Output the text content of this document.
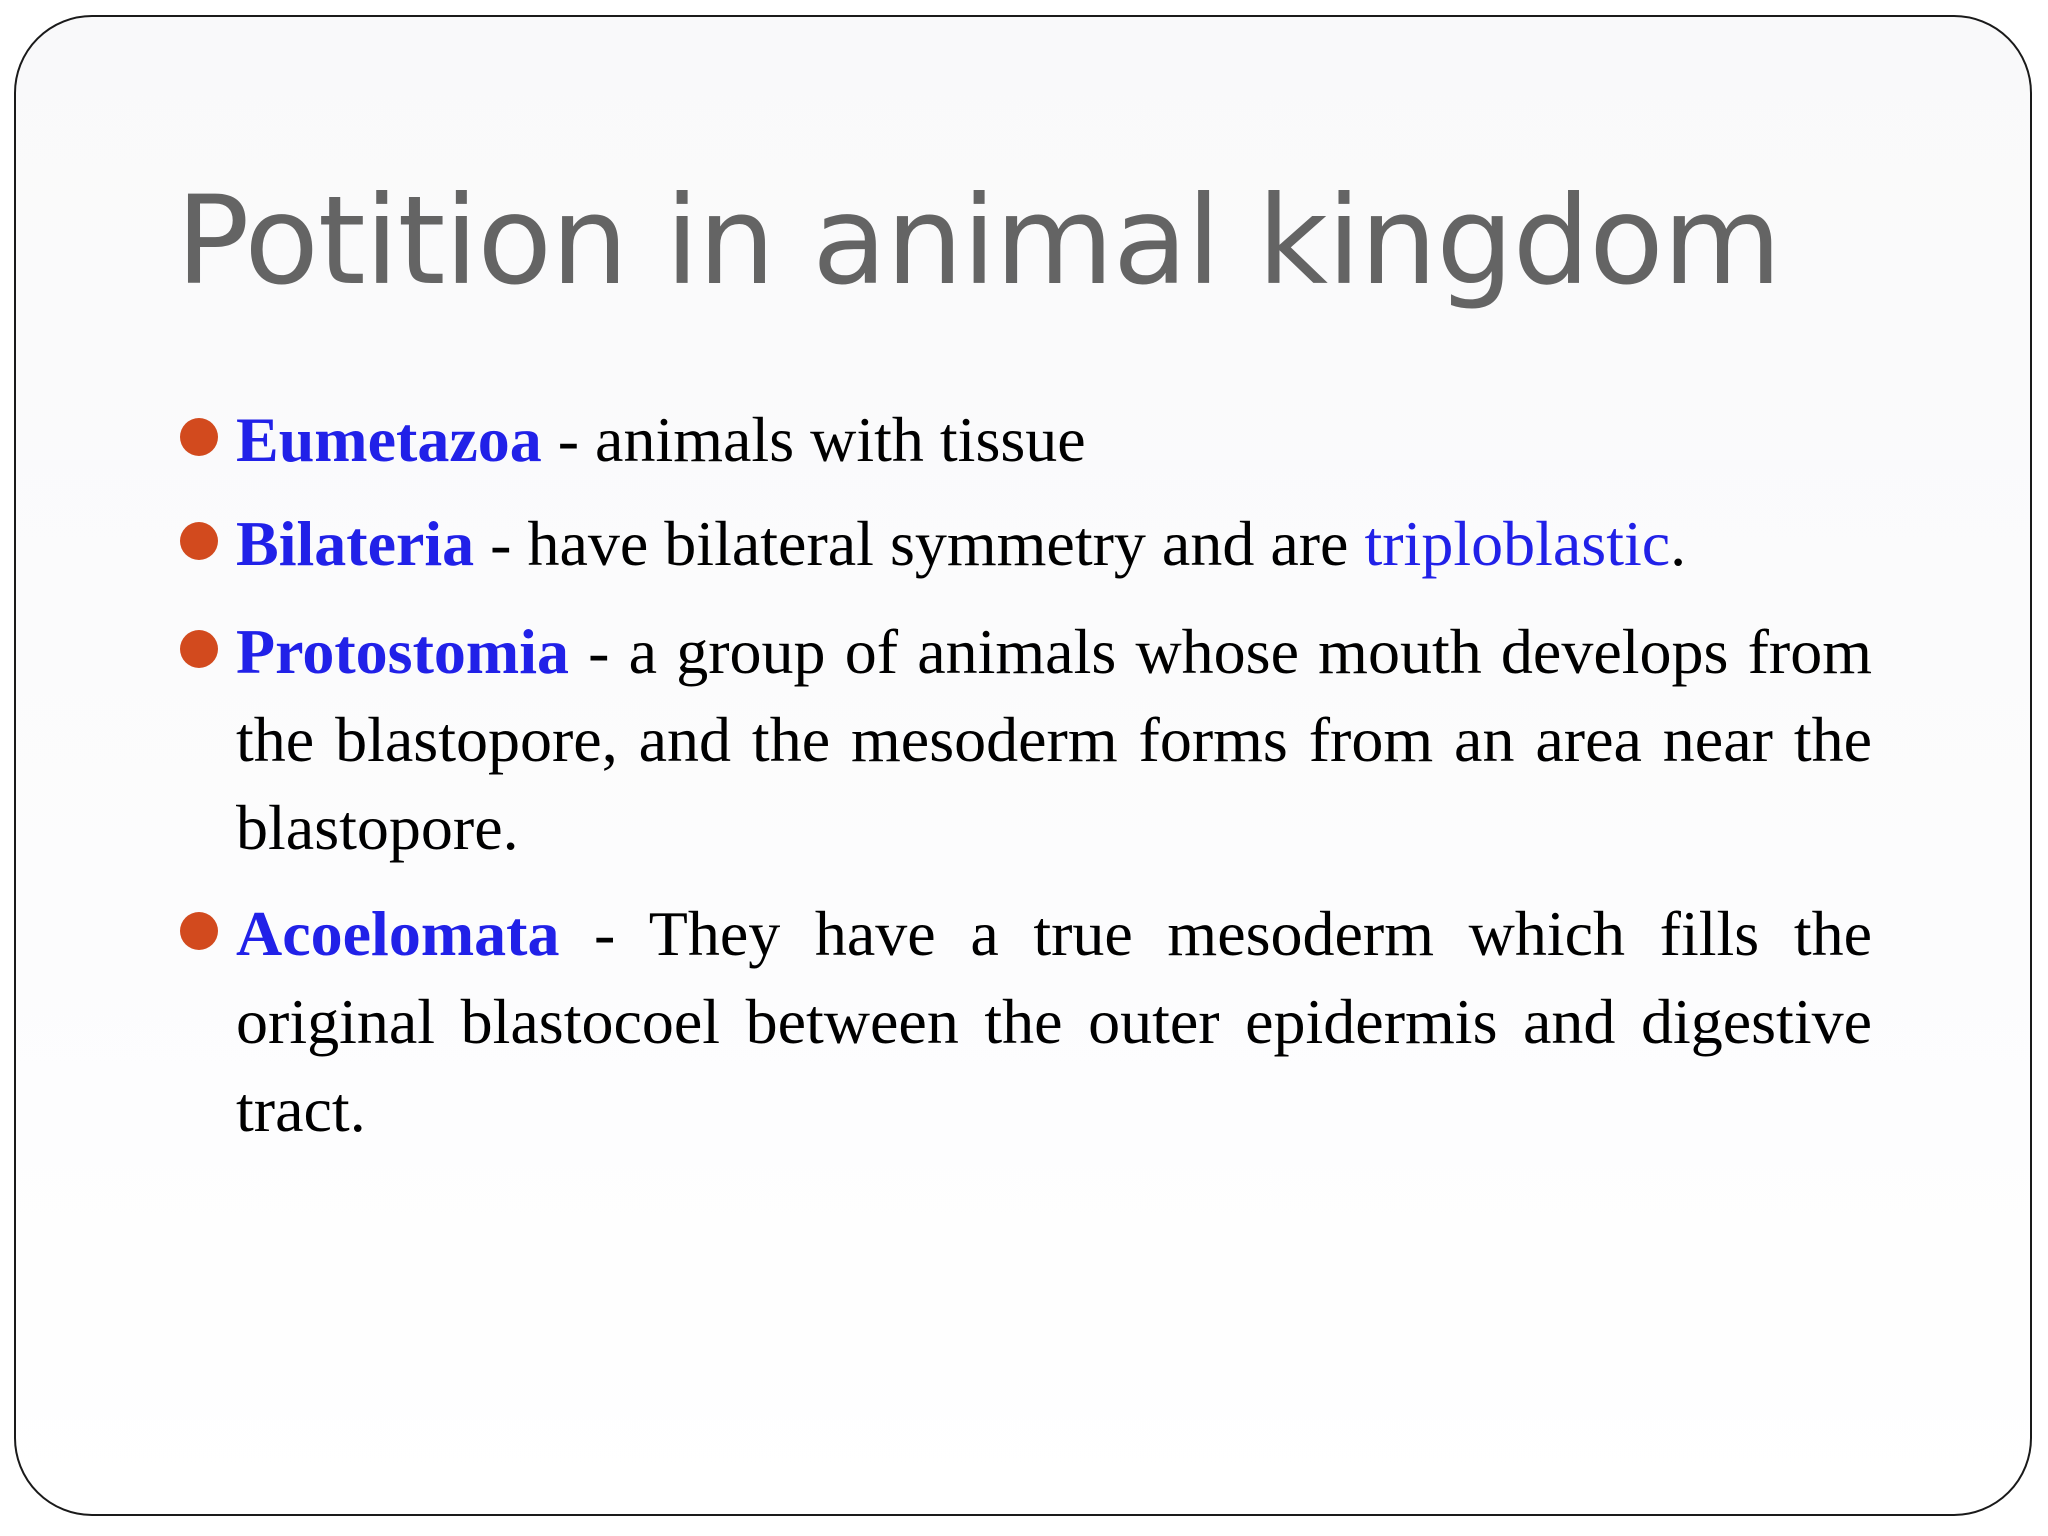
Potition in animal kingdom
Eumetazoa - animals with tissue
Bilateria - have bilateral symmetry and are triploblastic.
Protostomia - a group of animals whose mouth develops from the blastopore, and the mesoderm forms from an area near the blastopore.
Acoelomata - They have a true mesoderm which fills the original blastocoel between the outer epidermis and digestive tract.
